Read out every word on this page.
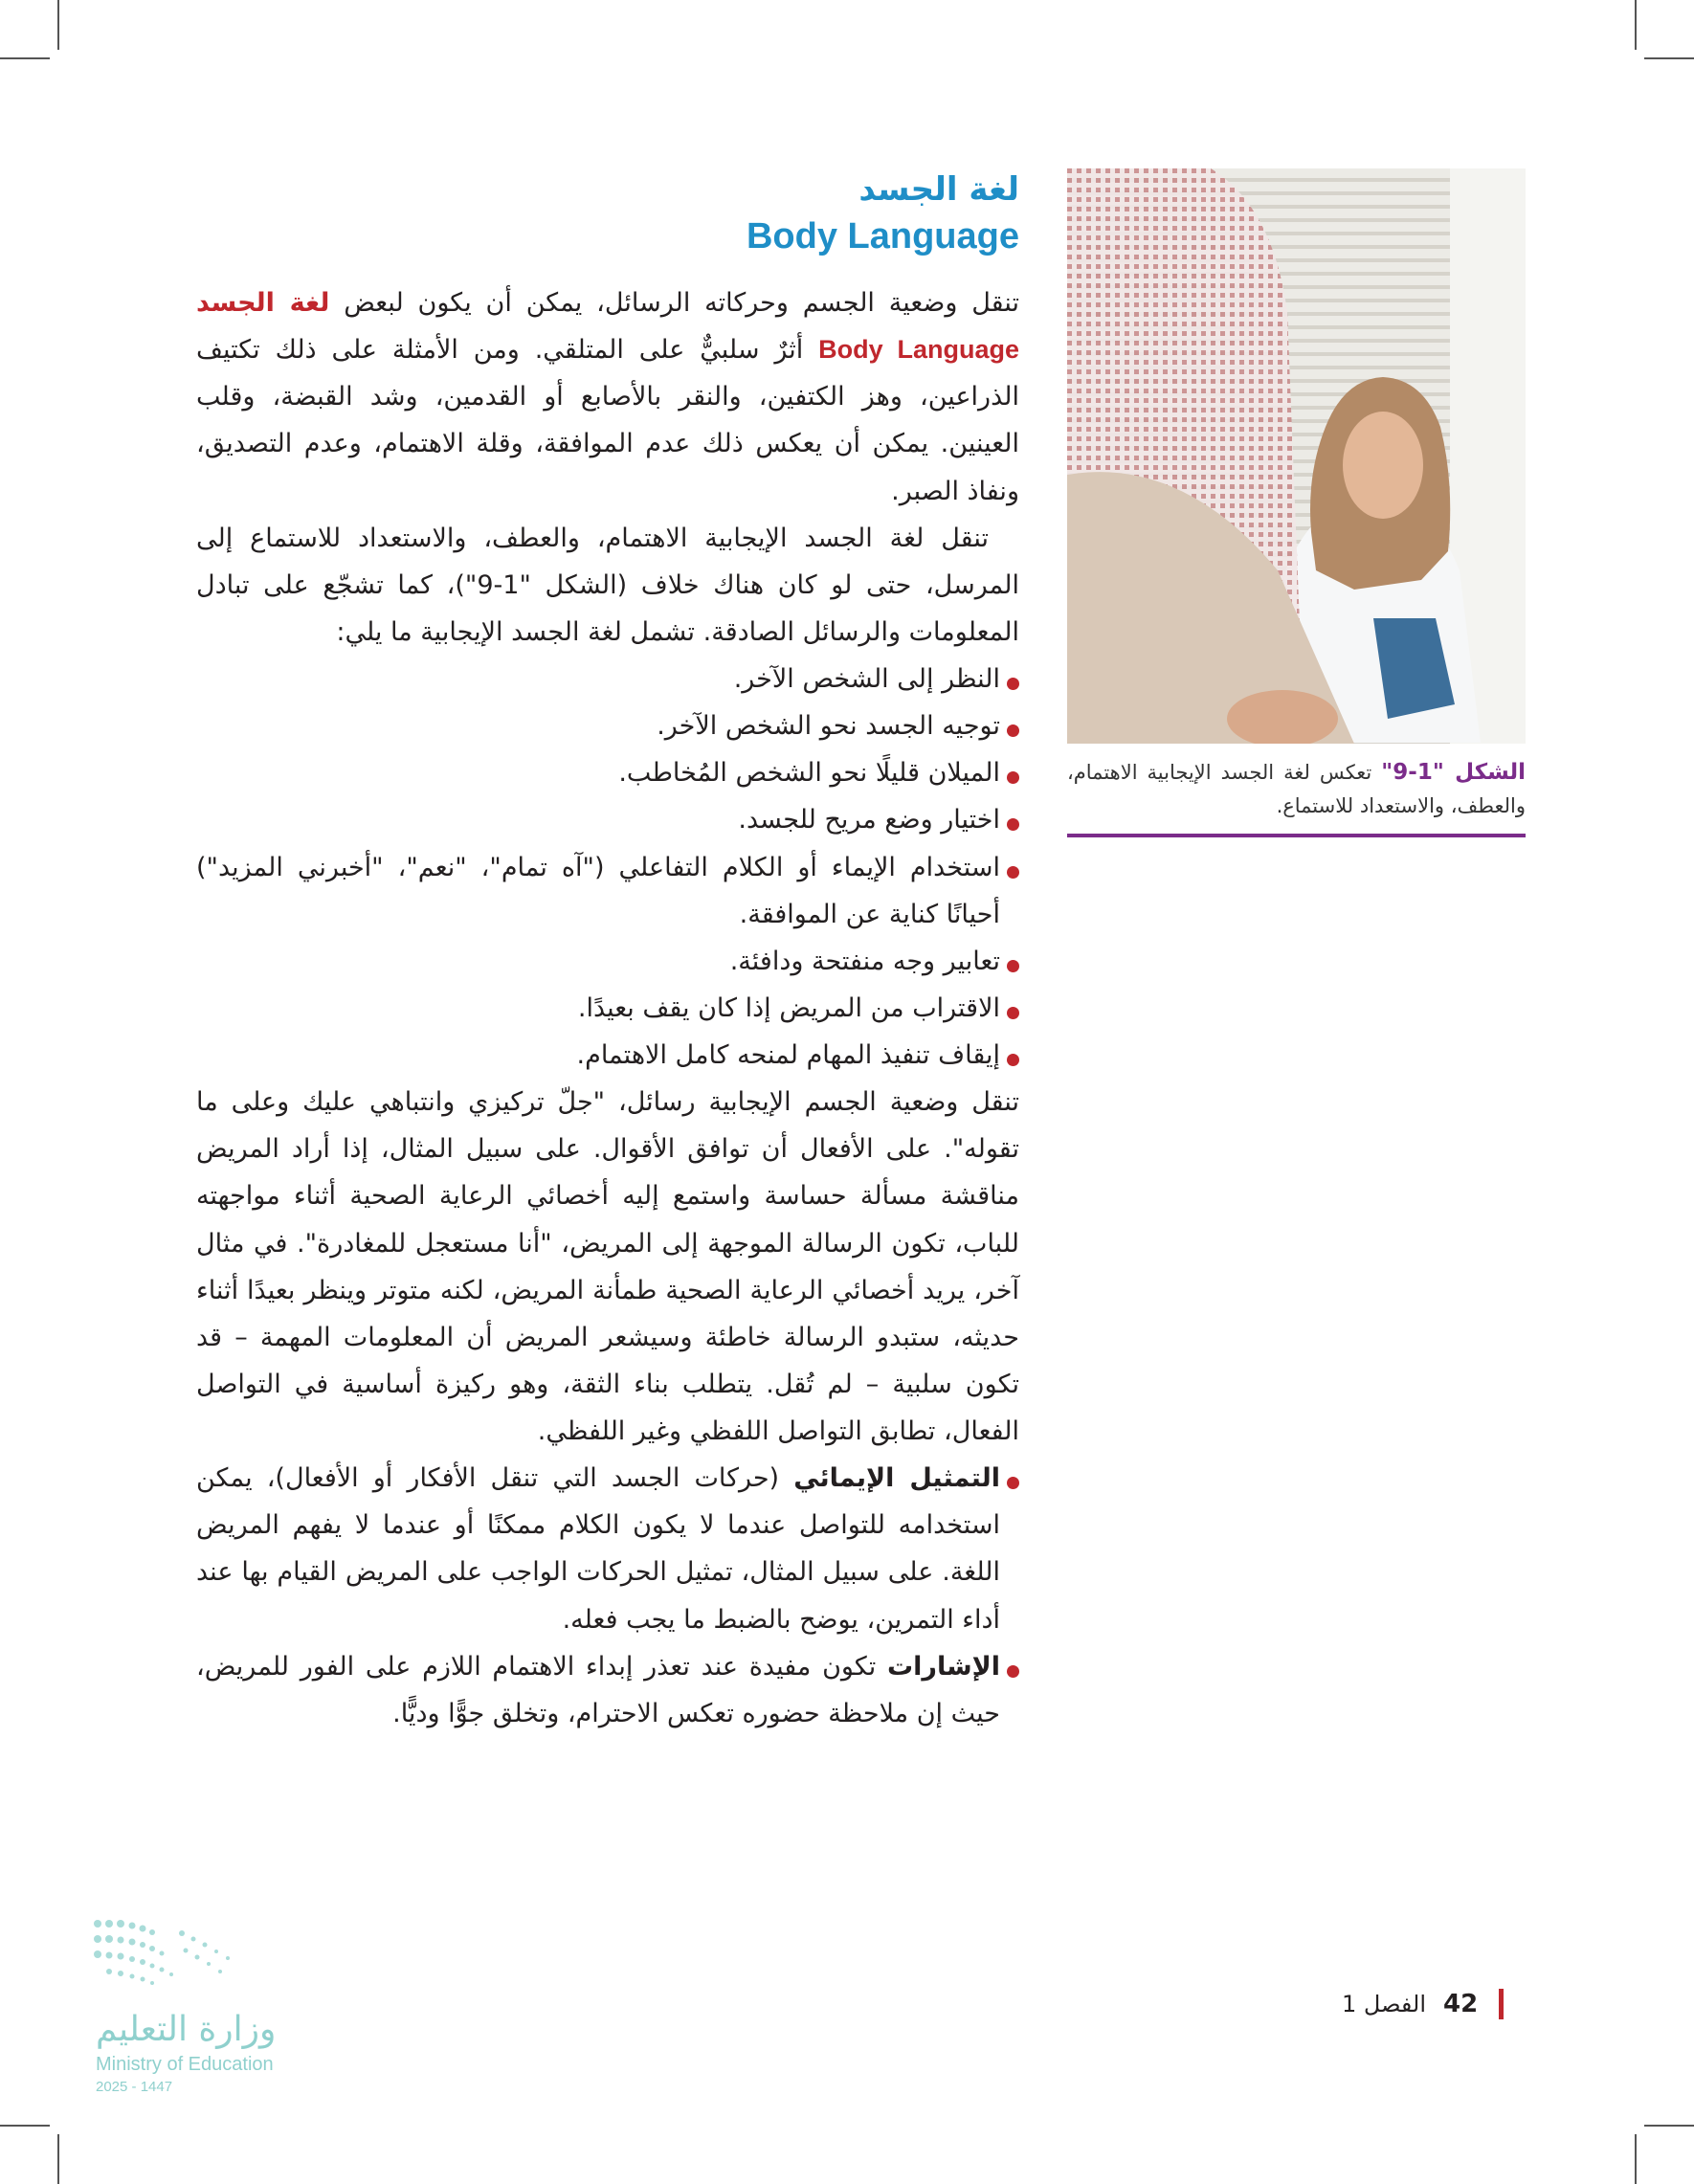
لغة الجسد
Body Language

تنقل وضعية الجسم وحركاته الرسائل، يمكن أن يكون لبعض لغة الجسد Body Language أثرٌ سلبيٌّ على المتلقي. ومن الأمثلة على ذلك تكتيف الذراعين، وهز الكتفين، والنقر بالأصابع أو القدمين، وشد القبضة، وقلب العينين. يمكن أن يعكس ذلك عدم الموافقة، وقلة الاهتمام، وعدم التصديق، ونفاذ الصبر.

تنقل لغة الجسد الإيجابية الاهتمام، والعطف، والاستعداد للاستماع إلى المرسل، حتى لو كان هناك خلاف (الشكل "1-9")، كما تشجّع على تبادل المعلومات والرسائل الصادقة. تشمل لغة الجسد الإيجابية ما يلي:

النظر إلى الشخص الآخر.
توجيه الجسد نحو الشخص الآخر.
الميلان قليلًا نحو الشخص المُخاطب.
اختيار وضع مريح للجسد.
استخدام الإيماء أو الكلام التفاعلي ("آه تمام"، "نعم"، "أخبرني المزيد") أحيانًا كناية عن الموافقة.
تعابير وجه منفتحة ودافئة.
الاقتراب من المريض إذا كان يقف بعيدًا.
إيقاف تنفيذ المهام لمنحه كامل الاهتمام.

تنقل وضعية الجسم الإيجابية رسائل، "جلّ تركيزي وانتباهي عليك وعلى ما تقوله". على الأفعال أن توافق الأقوال. على سبيل المثال، إذا أراد المريض مناقشة مسألة حساسة واستمع إليه أخصائي الرعاية الصحية أثناء مواجهته للباب، تكون الرسالة الموجهة إلى المريض، "أنا مستعجل للمغادرة". في مثال آخر، يريد أخصائي الرعاية الصحية طمأنة المريض، لكنه متوتر وينظر بعيدًا أثناء حديثه، ستبدو الرسالة خاطئة وسيشعر المريض أن المعلومات المهمة – قد تكون سلبية – لم تُقل. يتطلب بناء الثقة، وهو ركيزة أساسية في التواصل الفعال، تطابق التواصل اللفظي وغير اللفظي.

التمثيل الإيمائي (حركات الجسد التي تنقل الأفكار أو الأفعال)، يمكن استخدامه للتواصل عندما لا يكون الكلام ممكنًا أو عندما لا يفهم المريض اللغة. على سبيل المثال، تمثيل الحركات الواجب على المريض القيام بها عند أداء التمرين، يوضح بالضبط ما يجب فعله.
الإشارات تكون مفيدة عند تعذر إبداء الاهتمام اللازم على الفور للمريض، حيث إن ملاحظة حضوره تعكس الاحترام، وتخلق جوًّا وديًّا.
الشكل "1-9" تعكس لغة الجسد الإيجابية الاهتمام، والعطف، والاستعداد للاستماع.
الفصل 1 42
وزارة التعليم
Ministry of Education
2025 - 1447
